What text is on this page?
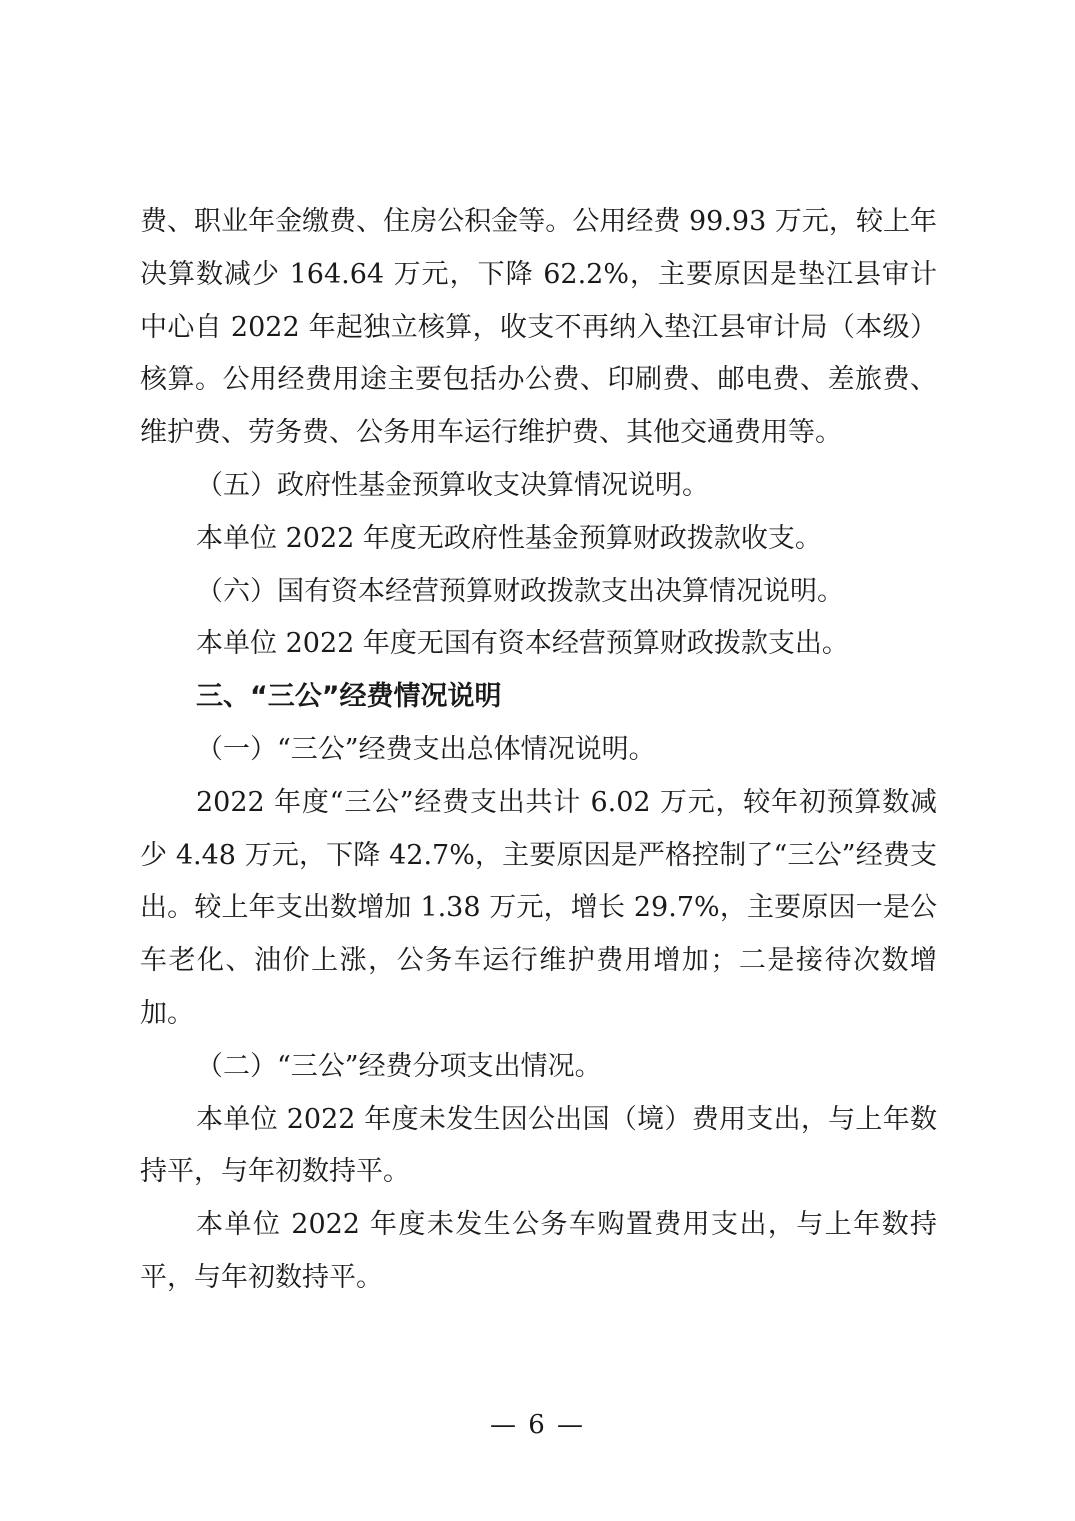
费、职业年金缴费、住房公积金等。公用经费 99.93 万元，较上年决算数减少 164.64 万元，下降 62.2%，主要原因是垫江县审计中心自 2022 年起独立核算，收支不再纳入垫江县审计局（本级）核算。公用经费用途主要包括办公费、印刷费、邮电费、差旅费、维护费、劳务费、公务用车运行维护费、其他交通费用等。

（五）政府性基金预算收支决算情况说明。

本单位 2022 年度无政府性基金预算财政拨款收支。

（六）国有资本经营预算财政拨款支出决算情况说明。

本单位 2022 年度无国有资本经营预算财政拨款支出。

三、“三公”经费情况说明

（一）“三公”经费支出总体情况说明。

2022 年度“三公”经费支出共计 6.02 万元，较年初预算数减少 4.48 万元，下降 42.7%，主要原因是严格控制了“三公”经费支出。较上年支出数增加 1.38 万元，增长 29.7%，主要原因一是公车老化、油价上涨，公务车运行维护费用增加；二是接待次数增加。

（二）“三公”经费分项支出情况。

本单位 2022 年度未发生因公出国（境）费用支出，与上年数持平，与年初数持平。

本单位 2022 年度未发生公务车购置费用支出，与上年数持平，与年初数持平。

— 6 —
